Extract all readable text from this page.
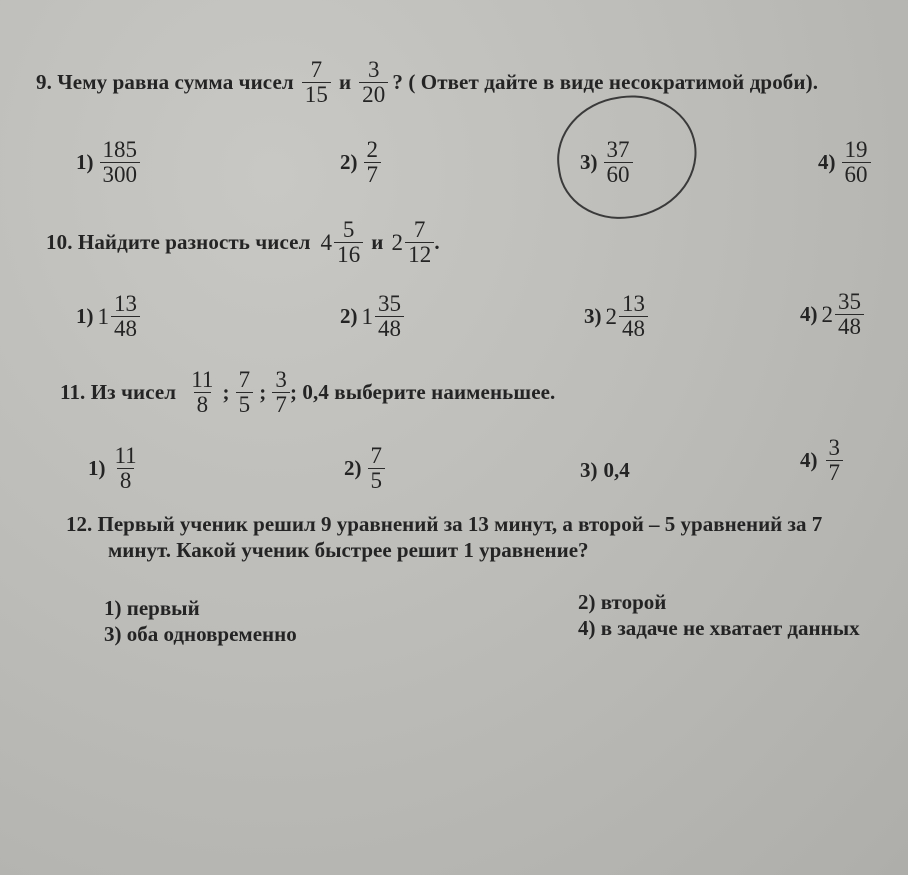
9. Чему равна сумма чисел $\frac{7}{15}$ и $\frac{3}{20}$ ? ( Ответ дайте в виде несократимой дроби).
$1) \frac{185}{300}$	$2) \frac{2}{7}$	$3) \frac{37}{60}$	$4) \frac{19}{60}$
10. Найдите разность чисел $4 \frac{5}{16}$ и $2 \frac{7}{12}$ .
1) $1 \frac{13}{48}$	2) $1 \frac{35}{48}$	3) $2 \frac{13}{48}$	4) $2 \frac{35}{48}$
11. Из чисел $\frac{11}{8}$ ; $\frac{7}{5}$ ; $\frac{3}{7}$ ; 0,4 выберите наименьшее.
$1) \frac{11}{8}$	$2) \frac{7}{5}$	3) 0,4	$4) \frac{3}{7}$
12. Первый ученик решил 9 уравнений за 13 минут, а второй – 5 уравнений за 7
минут. Какой ученик быстрее решит 1 уравнение?
1) первый	2) второй
3) оба одновременно	4) в задаче не хватает данных
